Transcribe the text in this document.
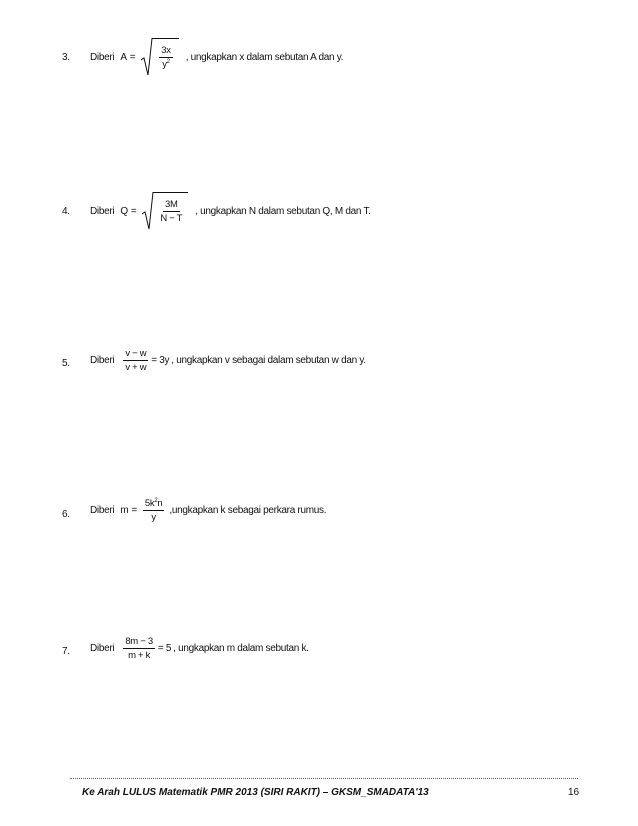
3. Diberi A =	$\frac{3x}{y^2}$ , ungkapkan x dalam sebutan A dan y.
4. Diberi Q =	$\frac{3M}{N - T}$ , ungkapkan N dalam sebutan Q, M dan T.
5. Diberi $\frac{v - w}{v + w} = 3y$ , ungkapkan v sebagai dalam sebutan w dan y.
6. Diberi $m = \frac{5k^2n}{y}$ ,ungkapkan k sebagai perkara rumus.
7. Diberi $\frac{8m - 3}{m + k} = 5$ , ungkapkan m dalam sebutan k.
Ke Arah LULUS Matematik PMR 2013 (SIRI RAKIT) – GKSM_SMADATA'13	16
